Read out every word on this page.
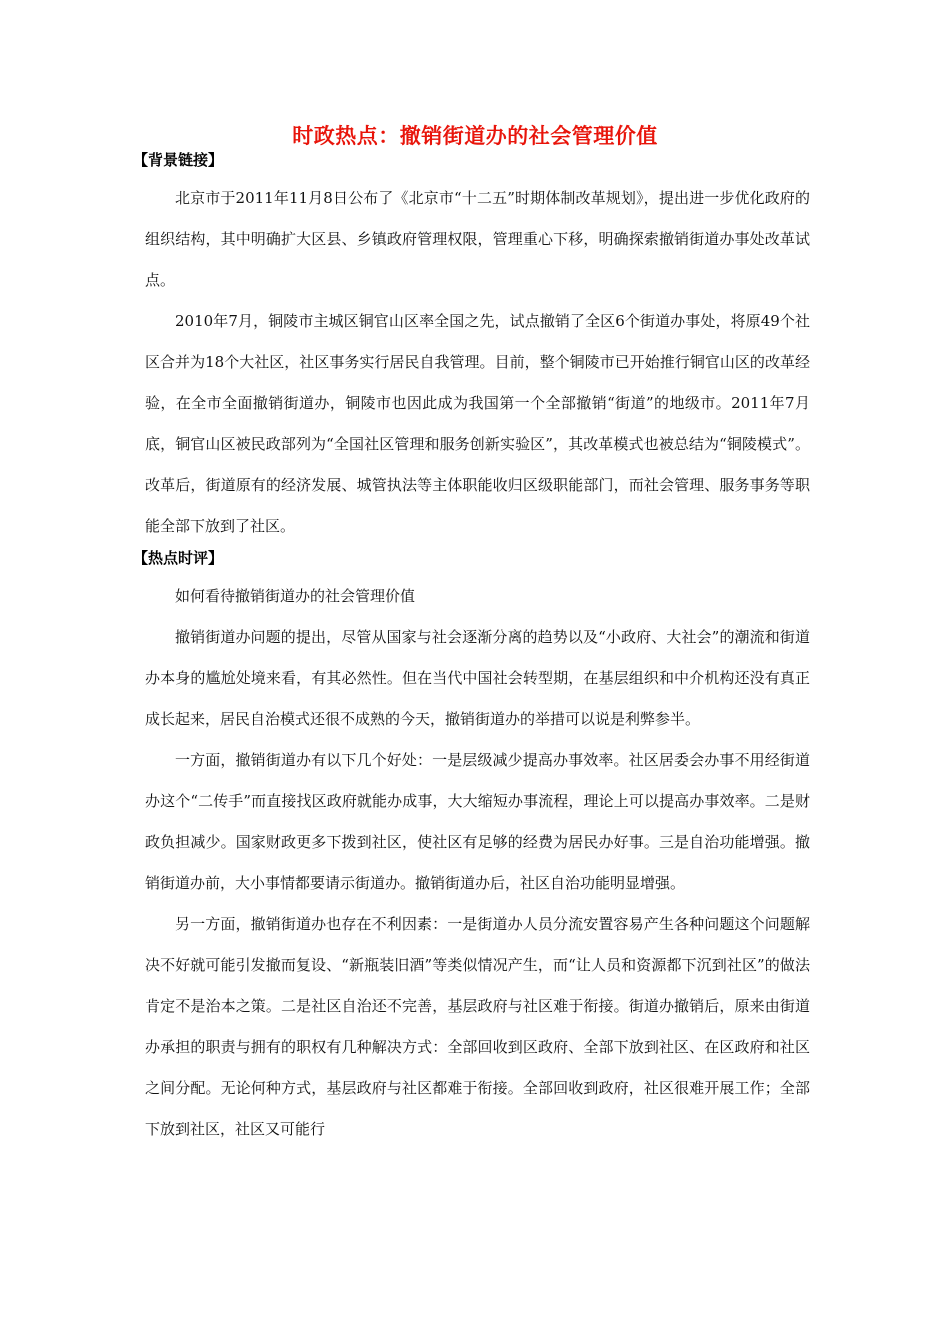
时政热点：撤销街道办的社会管理价值
【背景链接】

北京市于2011年11月8日公布了《北京市“十二五”时期体制改革规划》，提出进一步优化政府的组织结构，其中明确扩大区县、乡镇政府管理权限，管理重心下移，明确探索撤销街道办事处改革试点。

2010年7月，铜陵市主城区铜官山区率全国之先，试点撤销了全区6个街道办事处，将原49个社区合并为18个大社区，社区事务实行居民自我管理。目前，整个铜陵市已开始推行铜官山区的改革经验，在全市全面撤销街道办，铜陵市也因此成为我国第一个全部撤销“街道”的地级市。2011年7月底，铜官山区被民政部列为“全国社区管理和服务创新实验区”，其改革模式也被总结为“铜陵模式”。改革后，街道原有的经济发展、城管执法等主体职能收归区级职能部门，而社会管理、服务事务等职能全部下放到了社区。

【热点时评】

如何看待撤销街道办的社会管理价值

撤销街道办问题的提出，尽管从国家与社会逐渐分离的趋势以及“小政府、大社会”的潮流和街道办本身的尴尬处境来看，有其必然性。但在当代中国社会转型期，在基层组织和中介机构还没有真正成长起来，居民自治模式还很不成熟的今天，撤销街道办的举措可以说是利弊参半。

一方面，撤销街道办有以下几个好处：一是层级减少提高办事效率。社区居委会办事不用经街道办这个“二传手”而直接找区政府就能办成事，大大缩短办事流程，理论上可以提高办事效率。二是财政负担减少。国家财政更多下拨到社区，使社区有足够的经费为居民办好事。三是自治功能增强。撤销街道办前，大小事情都要请示街道办。撤销街道办后，社区自治功能明显增强。

另一方面，撤销街道办也存在不利因素：一是街道办人员分流安置容易产生各种问题这个问题解决不好就可能引发撤而复设、“新瓶装旧酒”等类似情况产生，而“让人员和资源都下沉到社区”的做法肯定不是治本之策。二是社区自治还不完善，基层政府与社区难于衔接。街道办撤销后，原来由街道办承担的职责与拥有的职权有几种解决方式：全部回收到区政府、全部下放到社区、在区政府和社区之间分配。无论何种方式，基层政府与社区都难于衔接。全部回收到政府，社区很难开展工作；全部下放到社区，社区又可能行
